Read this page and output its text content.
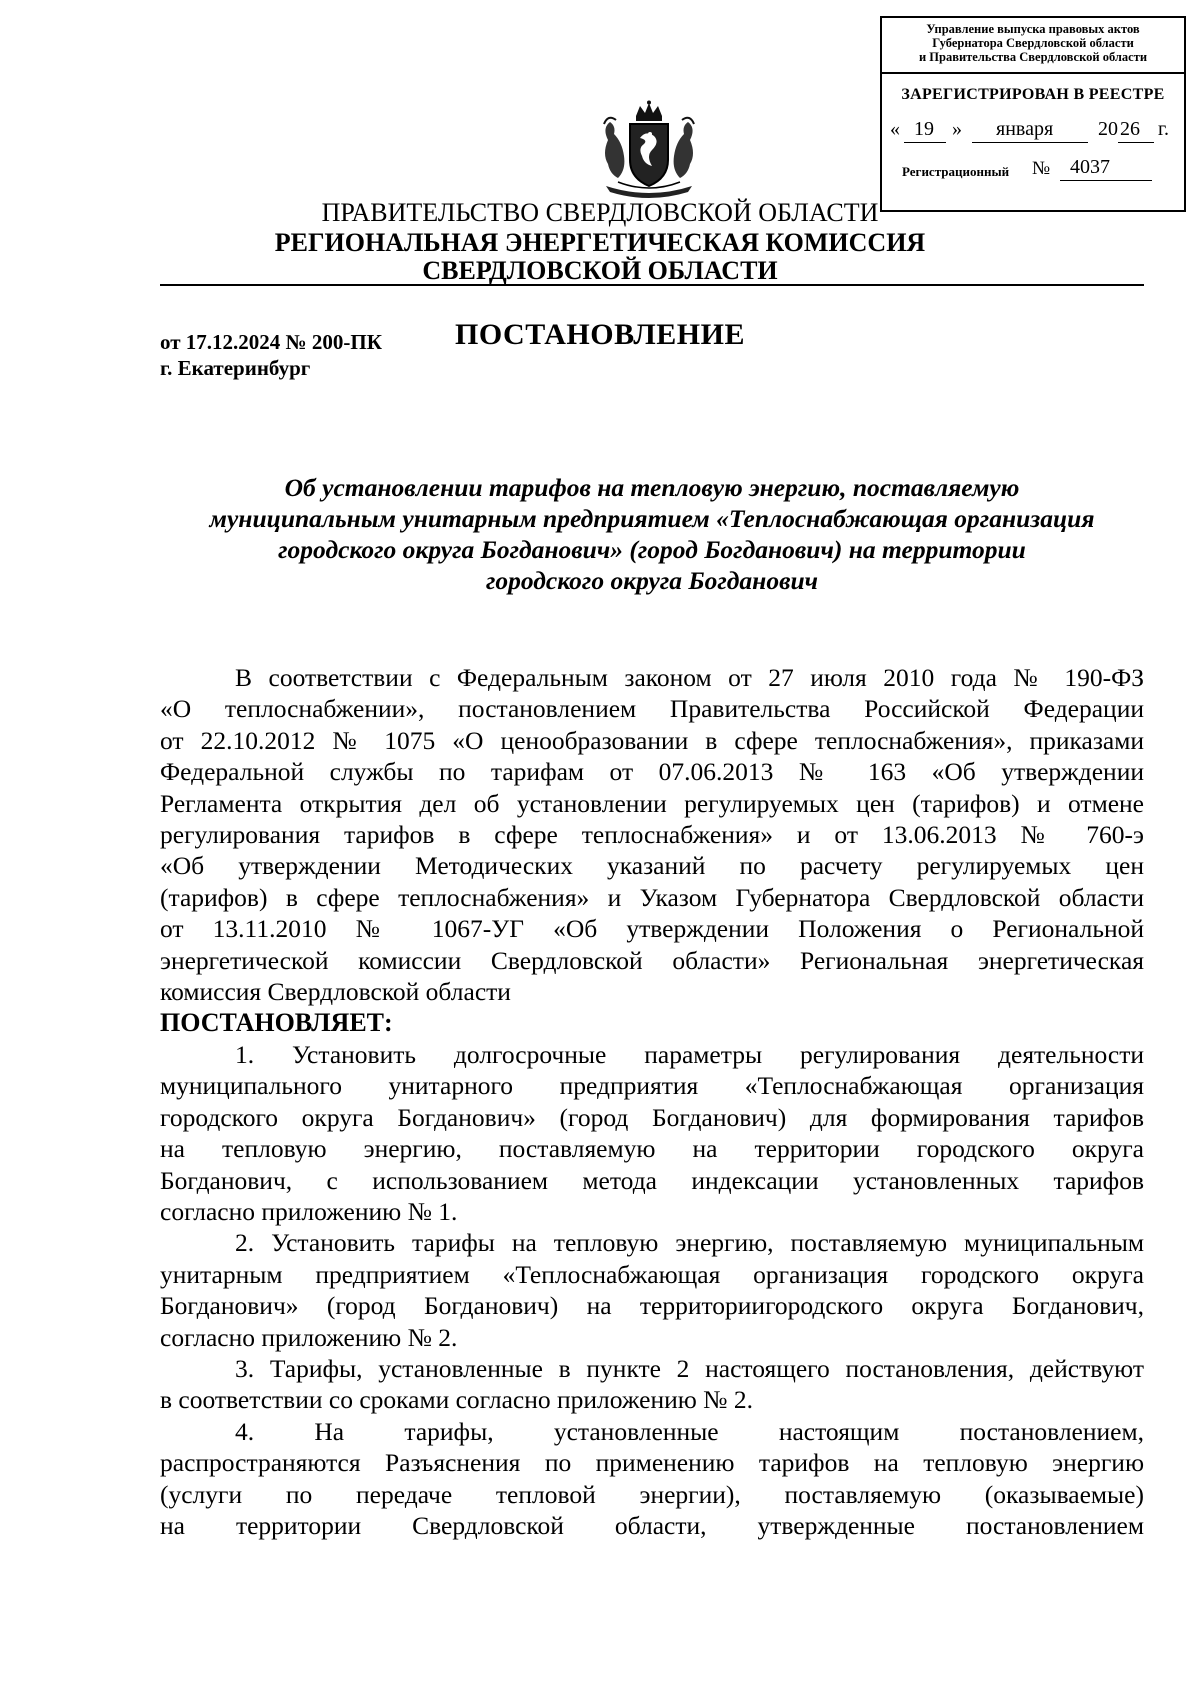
Управление выпуска правовых актов
Губернатора Свердловской области
и Правительства Свердловской области
ЗАРЕГИСТРИРОВАН В РЕЕСТРЕ
« 19 » января 20 26 г.
Регистрационный № 4037
ПРАВИТЕЛЬСТВО СВЕРДЛОВСКОЙ ОБЛАСТИ
РЕГИОНАЛЬНАЯ ЭНЕРГЕТИЧЕСКАЯ КОМИССИЯ
СВЕРДЛОВСКОЙ ОБЛАСТИ
ПОСТАНОВЛЕНИЕ
от 17.12.2024 № 200-ПК
г. Екатеринбург
Об установлении тарифов на тепловую энергию, поставляемую
муниципальным унитарным предприятием «Теплоснабжающая организация
городского округа Богданович» (город Богданович) на территории
городского округа Богданович

В соответствии с Федеральным законом от 27 июля 2010 года № 190-ФЗ

«О теплоснабжении», постановлением Правительства Российской Федерации

от 22.10.2012 № 1075 «О ценообразовании в сфере теплоснабжения», приказами

Федеральной службы по тарифам от 07.06.2013 № 163 «Об утверждении

Регламента открытия дел об установлении регулируемых цен (тарифов) и отмене

регулирования тарифов в сфере теплоснабжения» и от 13.06.2013 № 760-э

«Об утверждении Методических указаний по расчету регулируемых цен

(тарифов) в сфере теплоснабжения» и Указом Губернатора Свердловской области

от 13.11.2010 № 1067-УГ «Об утверждении Положения о Региональной

энергетической комиссии Свердловской области» Региональная энергетическая

комиссия Свердловской области

ПОСТАНОВЛЯЕТ:

1. Установить долгосрочные параметры регулирования деятельности

муниципального унитарного предприятия «Теплоснабжающая организация

городского округа Богданович» (город Богданович) для формирования тарифов

на тепловую энергию, поставляемую на территории городского округа

Богданович, с использованием метода индексации установленных тарифов

согласно приложению № 1.

2. Установить тарифы на тепловую энергию, поставляемую муниципальным

унитарным предприятием «Теплоснабжающая организация городского округа

Богданович» (город Богданович) на территориигородского округа Богданович,

согласно приложению № 2.

3. Тарифы, установленные в пункте 2 настоящего постановления, действуют

в соответствии со сроками согласно приложению № 2.

4. На тарифы, установленные настоящим постановлением,

распространяются Разъяснения по применению тарифов на тепловую энергию

(услуги по передаче тепловой энергии), поставляемую (оказываемые)

на территории Свердловской области, утвержденные постановлением
